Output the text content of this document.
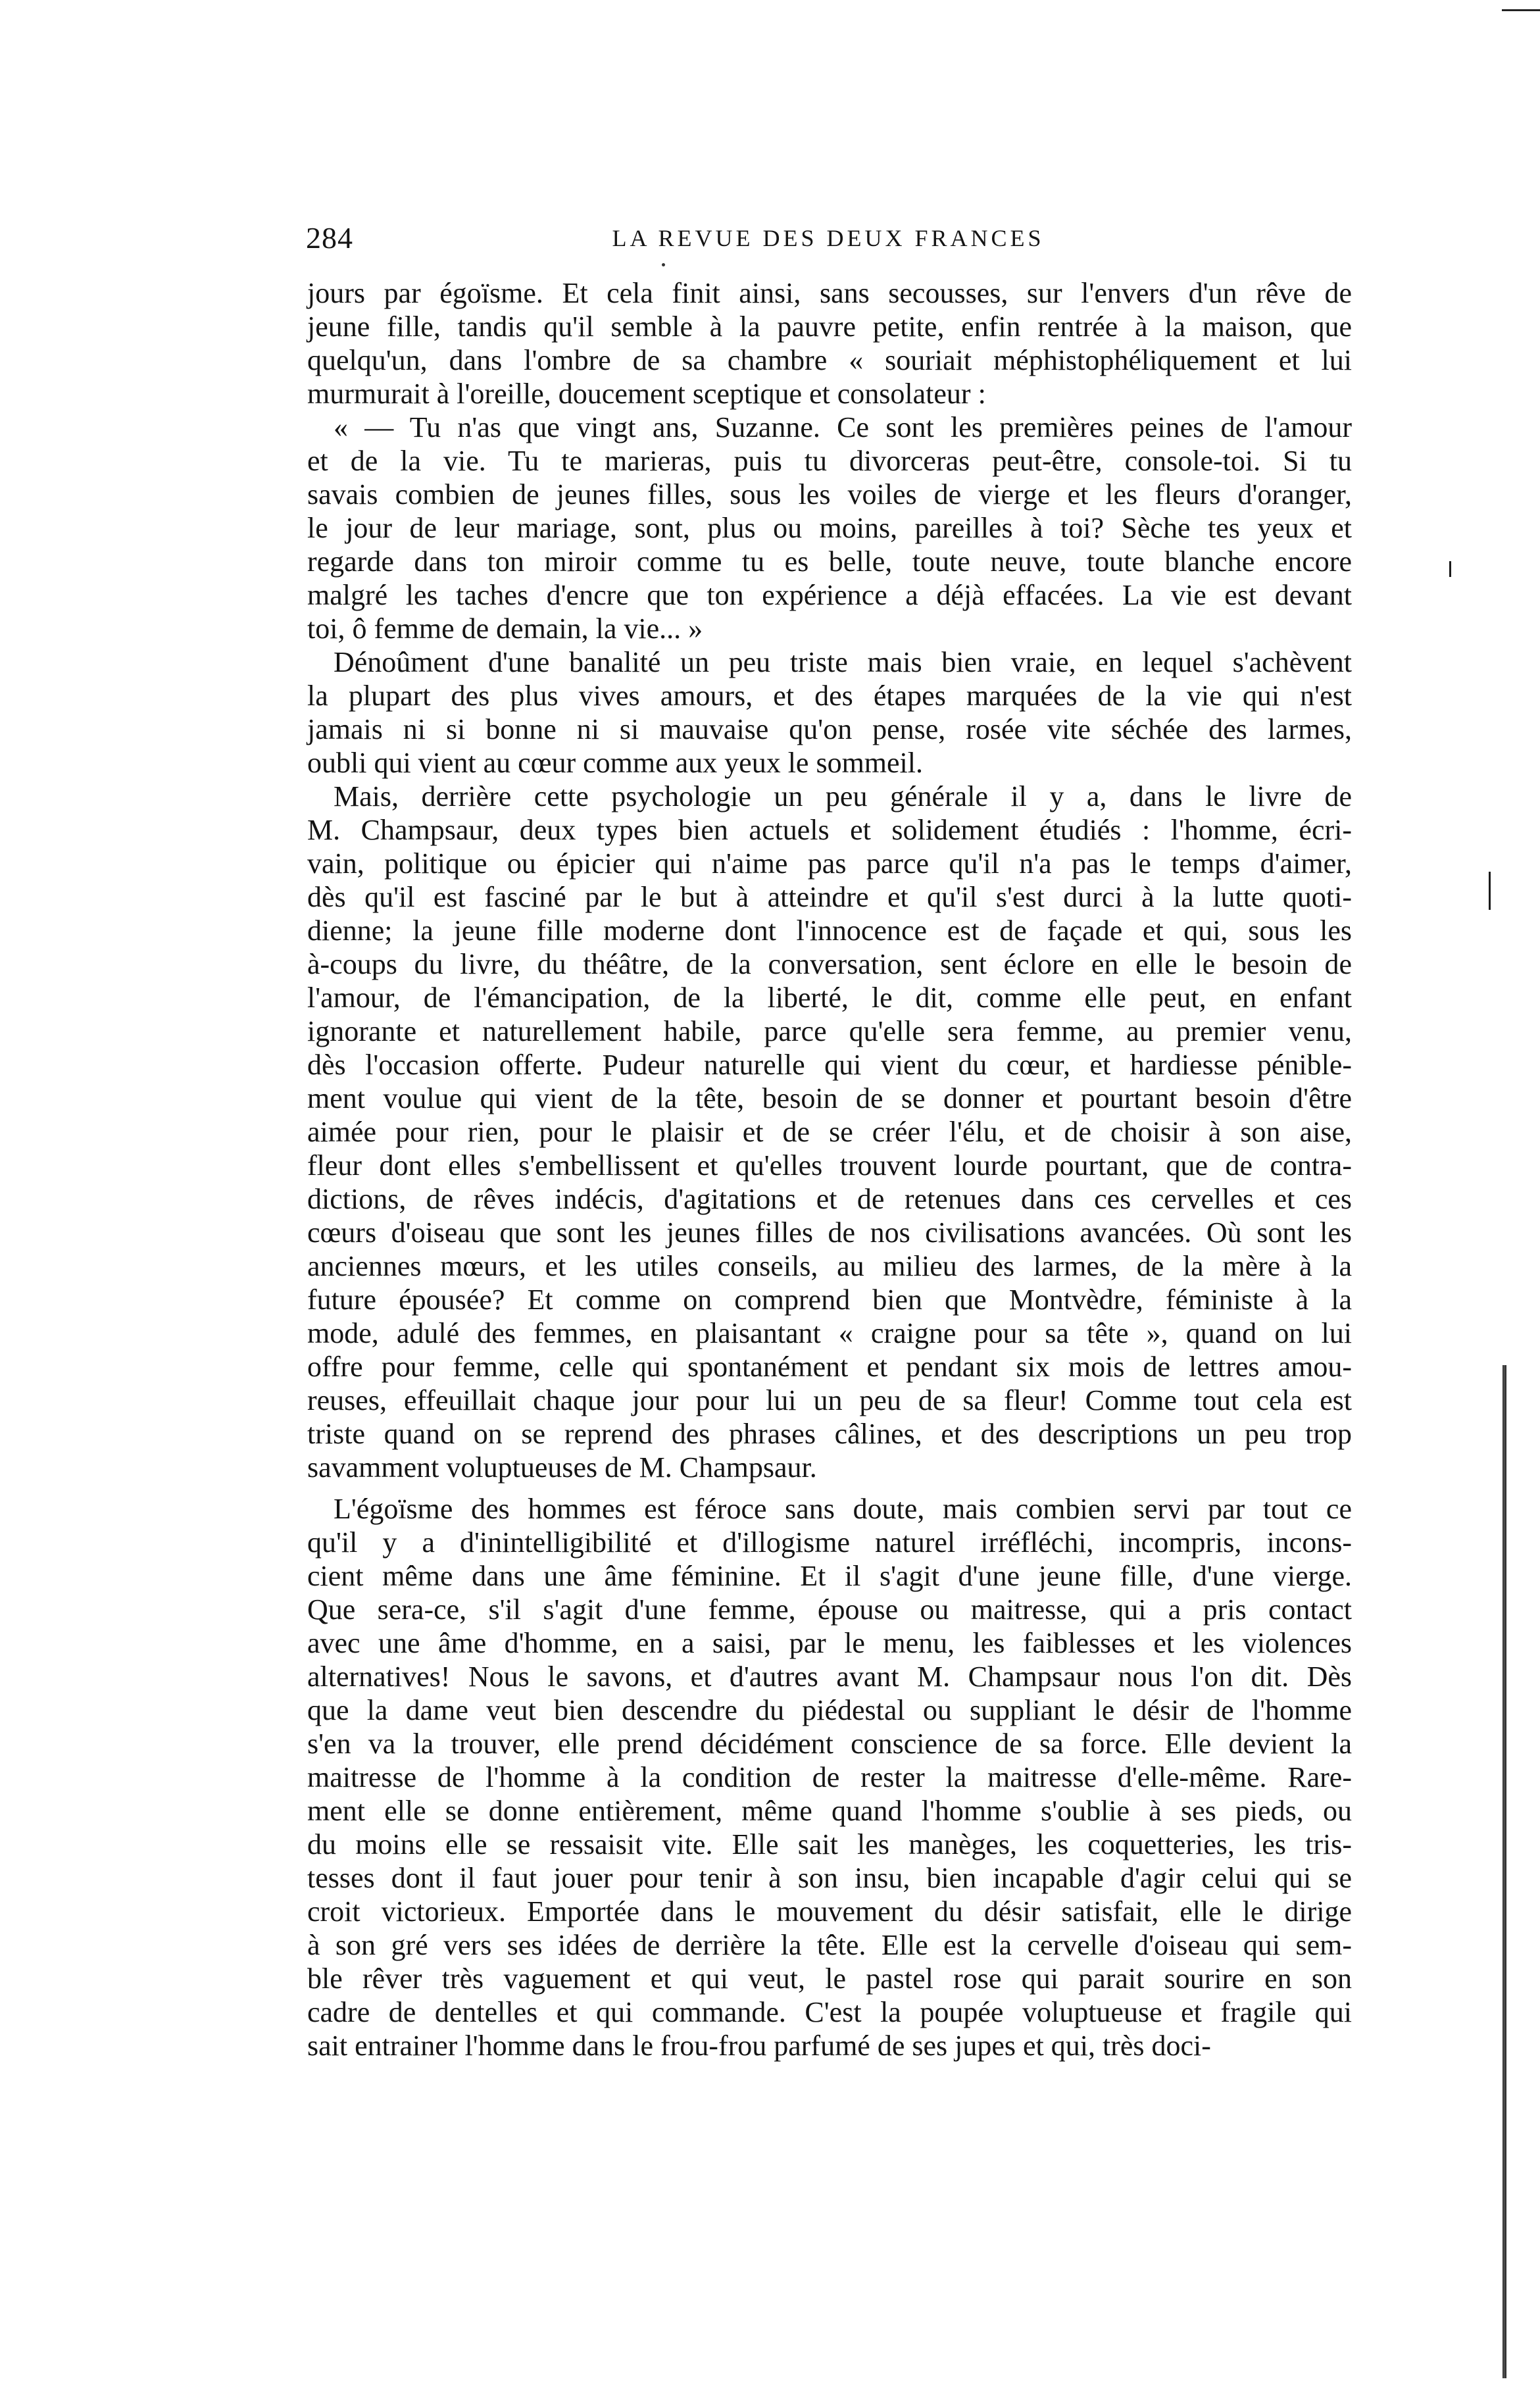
284	LA REVUE DES DEUX FRANCES
jours par égoïsme. Et cela finit ainsi, sans secousses, sur l'envers d'un rêve de
jeune fille, tandis qu'il semble à la pauvre petite, enfin rentrée à la maison, que
quelqu'un, dans l'ombre de sa chambre « souriait méphistophéliquement et lui
murmurait à l'oreille, doucement sceptique et consolateur :
« — Tu n'as que vingt ans, Suzanne. Ce sont les premières peines de l'amour
et de la vie. Tu te marieras, puis tu divorceras peut-être, console-toi. Si tu
savais combien de jeunes filles, sous les voiles de vierge et les fleurs d'oranger,
le jour de leur mariage, sont, plus ou moins, pareilles à toi? Sèche tes yeux et
regarde dans ton miroir comme tu es belle, toute neuve, toute blanche encore
malgré les taches d'encre que ton expérience a déjà effacées. La vie est devant
toi, ô femme de demain, la vie... »
Dénoûment d'une banalité un peu triste mais bien vraie, en lequel s'achèvent
la plupart des plus vives amours, et des étapes marquées de la vie qui n'est
jamais ni si bonne ni si mauvaise qu'on pense, rosée vite séchée des larmes,
oubli qui vient au cœur comme aux yeux le sommeil.
Mais, derrière cette psychologie un peu générale il y a, dans le livre de
M. Champsaur, deux types bien actuels et solidement étudiés : l'homme, écri-
vain, politique ou épicier qui n'aime pas parce qu'il n'a pas le temps d'aimer,
dès qu'il est fasciné par le but à atteindre et qu'il s'est durci à la lutte quoti-
dienne; la jeune fille moderne dont l'innocence est de façade et qui, sous les
à-coups du livre, du théâtre, de la conversation, sent éclore en elle le besoin de
l'amour, de l'émancipation, de la liberté, le dit, comme elle peut, en enfant
ignorante et naturellement habile, parce qu'elle sera femme, au premier venu,
dès l'occasion offerte. Pudeur naturelle qui vient du cœur, et hardiesse pénible-
ment voulue qui vient de la tête, besoin de se donner et pourtant besoin d'être
aimée pour rien, pour le plaisir et de se créer l'élu, et de choisir à son aise,
fleur dont elles s'embellissent et qu'elles trouvent lourde pourtant, que de contra-
dictions, de rêves indécis, d'agitations et de retenues dans ces cervelles et ces
cœurs d'oiseau que sont les jeunes filles de nos civilisations avancées. Où sont les
anciennes mœurs, et les utiles conseils, au milieu des larmes, de la mère à la
future épousée? Et comme on comprend bien que Montvèdre, féministe à la
mode, adulé des femmes, en plaisantant « craigne pour sa tête », quand on lui
offre pour femme, celle qui spontanément et pendant six mois de lettres amou-
reuses, effeuillait chaque jour pour lui un peu de sa fleur! Comme tout cela est
triste quand on se reprend des phrases câlines, et des descriptions un peu trop
savamment voluptueuses de M. Champsaur.
L'égoïsme des hommes est féroce sans doute, mais combien servi par tout ce
qu'il y a d'inintelligibilité et d'illogisme naturel irréfléchi, incompris, incons-
cient même dans une âme féminine. Et il s'agit d'une jeune fille, d'une vierge.
Que sera-ce, s'il s'agit d'une femme, épouse ou maitresse, qui a pris contact
avec une âme d'homme, en a saisi, par le menu, les faiblesses et les violences
alternatives! Nous le savons, et d'autres avant M. Champsaur nous l'on dit. Dès
que la dame veut bien descendre du piédestal ou suppliant le désir de l'homme
s'en va la trouver, elle prend décidément conscience de sa force. Elle devient la
maitresse de l'homme à la condition de rester la maitresse d'elle-même. Rare-
ment elle se donne entièrement, même quand l'homme s'oublie à ses pieds, ou
du moins elle se ressaisit vite. Elle sait les manèges, les coquetteries, les tris-
tesses dont il faut jouer pour tenir à son insu, bien incapable d'agir celui qui se
croit victorieux. Emportée dans le mouvement du désir satisfait, elle le dirige
à son gré vers ses idées de derrière la tête. Elle est la cervelle d'oiseau qui sem-
ble rêver très vaguement et qui veut, le pastel rose qui parait sourire en son
cadre de dentelles et qui commande. C'est la poupée voluptueuse et fragile qui
sait entrainer l'homme dans le frou-frou parfumé de ses jupes et qui, très doci-
